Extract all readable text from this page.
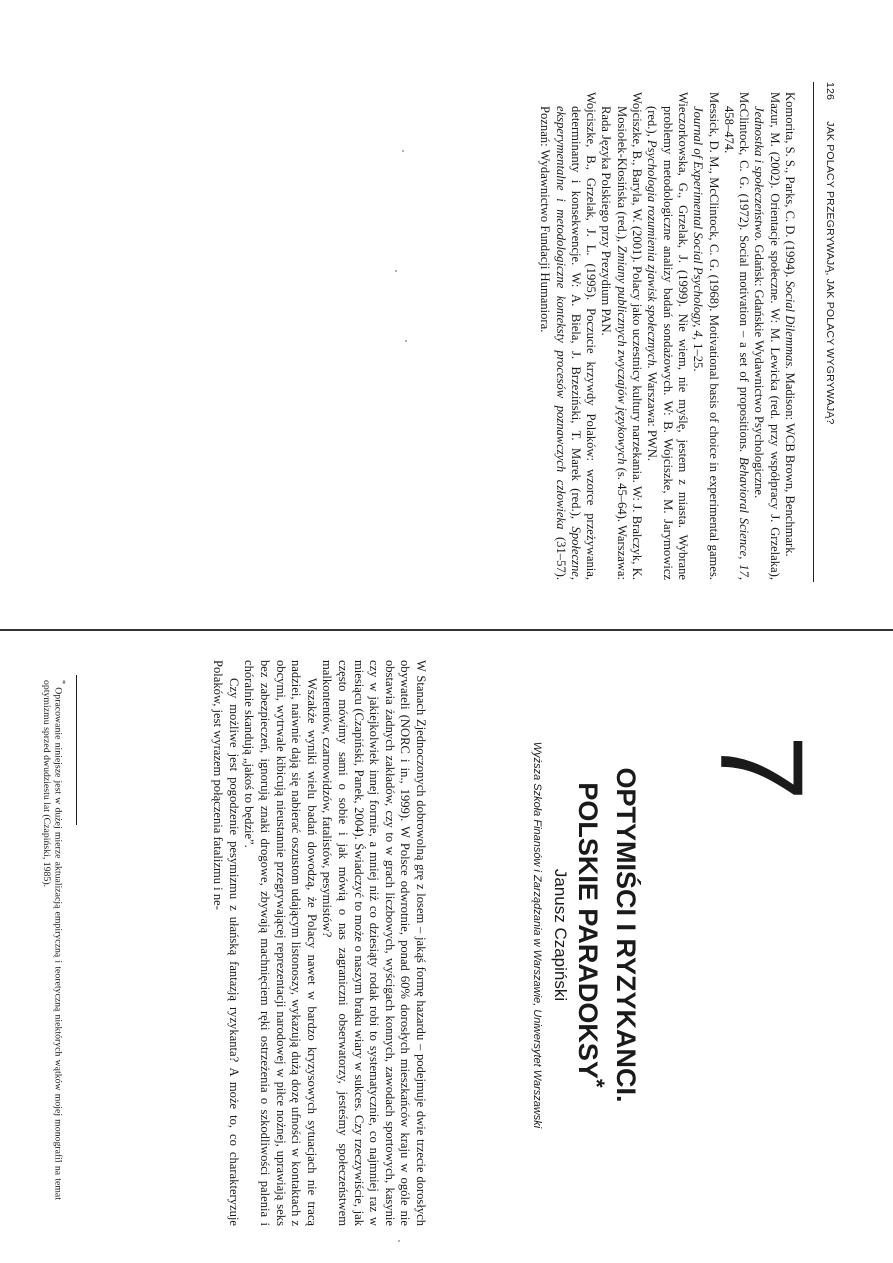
126 JAK POLACY PRZEGRYWAJĄ, JAK POLACY WYGRYWAJĄ?

Komorita, S. S., Parks, C. D. (1994). Social Dilemmas. Madison: WCB Brown, Benchmark.

Mazur, M. (2002). Orientacje społeczne. W: M. Lewicka (red. przy współpracy J. Grzelaka), Jednostka i społeczeństwo. Gdańsk: Gdańskie Wydawnictwo Psychologiczne.

McClintock, C. G. (1972). Social motivation – a set of propositions. Behavioral Science, 17, 458–474.

Messick, D. M., McClintock, C. G. (1968). Motivational basis of choice in experimental games. Journal of Experimental Social Psychology, 4, 1–25.

Wieczorkowska, G., Grzelak, J. (1999). Nie wiem, nie myślę, jestem z miasta. Wybrane problemy metodologiczne analizy badań sondażowych. W: B. Wojciszke, M. Jarymowicz (red.), Psychologia rozumienia zjawisk społecznych. Warszawa: PWN.

Wojciszke, B., Baryla, W. (2001). Polacy jako uczestnicy kultury narzekania. W: J. Bralczyk, K. Mosiołek-Kłosińska (red.), Zmiany publicznych zwyczajów językowych (s. 45–64). Warszawa: Rada Języka Polskiego przy Prezydium PAN.

Wojciszke, B., Grzelak, J. L. (1995). Poczucie krzywdy Polaków: wzorce przeżywania, determinanty i konsekwencje. W: A. Biela, J. Brzeziński, T. Marek (red.), Społeczne, eksperymentalne i metodologiczne konteksty procesów poznawczych człowieka (31–57). Poznań: Wydawnictwo Fundacji Humaniora.

7
OPTYMIŚCI I RYZYKANCI.
POLSKIE PARADOKSY*
Janusz Czapiński
Wyższa Szkoła Finansów i Zarządzania w Warszawie, Uniwersytet Warszawski

W Stanach Zjednoczonych dobrowolną grę z losem – jakąś formę hazardu – podejmuje dwie trzecie dorosłych obywateli (NORC i in., 1999). W Polsce odwrotnie, ponad 60% dorosłych mieszkańców kraju w ogóle nie obstawia żadnych zakładów, czy to w grach liczbowych, wyścigach konnych, zawodach sportowych, kasynie czy w jakiejkolwiek innej formie, a mniej niż co dziesiąty rodak robi to systematycznie, co najmniej raz w miesiącu (Czapiński, Panek, 2004). Świadczyć to może o naszym braku wiary w sukces. Czy rzeczywiście, jak często mówimy sami o sobie i jak mówią o nas zagraniczni obserwatorzy, jesteśmy społeczeństwem malkontentów, czarnowidzów, fatalistów, pesymistów?

Wszakże wyniki wielu badań dowodzą, że Polacy nawet w bardzo kryzysowych sytuacjach nie tracą nadziei, naiwnie dają się nabierać oszustom udającym listonoszy, wykazują dużą dozę ufności w kontaktach z obcymi, wytrwale kibicują nieustannie przegrywającej reprezentacji narodowej w piłce nożnej, uprawiają seks bez zabezpieczeń, ignorują znaki drogowe, zbywają machnięciem ręki ostrzeżenia o szkodliwości palenia i chóralnie skandują „jakoś to będzie”.

Czy możliwe jest pogodzenie pesymizmu z ułańską fantazją ryzykanta? A może to, co charakteryzuje Polaków, jest wyrazem połączenia fatalizmu i ne-

* Opracowanie niniejsze jest w dużej mierze aktualizacją empiryczną i teoretyczną niektórych wątków mojej monografii na temat optymizmu sprzed dwudziestu lat (Czapiński, 1985).
